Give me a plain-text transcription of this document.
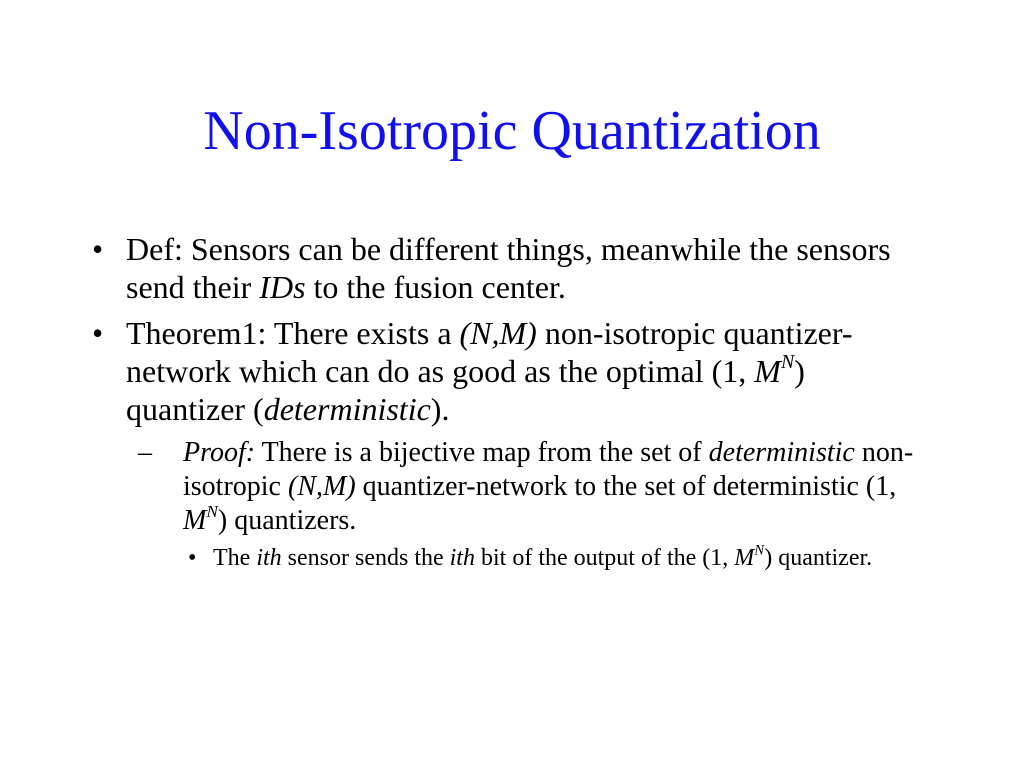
Non-Isotropic Quantization
• Def: Sensors can be different things, meanwhile the sensors send their IDs to the fusion center.
• Theorem1: There exists a (N,M) non-isotropic quantizer-network which can do as good as the optimal (1, $M^N$) quantizer (deterministic).
– Proof: There is a bijective map from the set of deterministic non-isotropic (N,M) quantizer-network to the set of deterministic (1, $M^N$) quantizers.
• The ith sensor sends the ith bit of the output of the (1, $M^N$) quantizer.
